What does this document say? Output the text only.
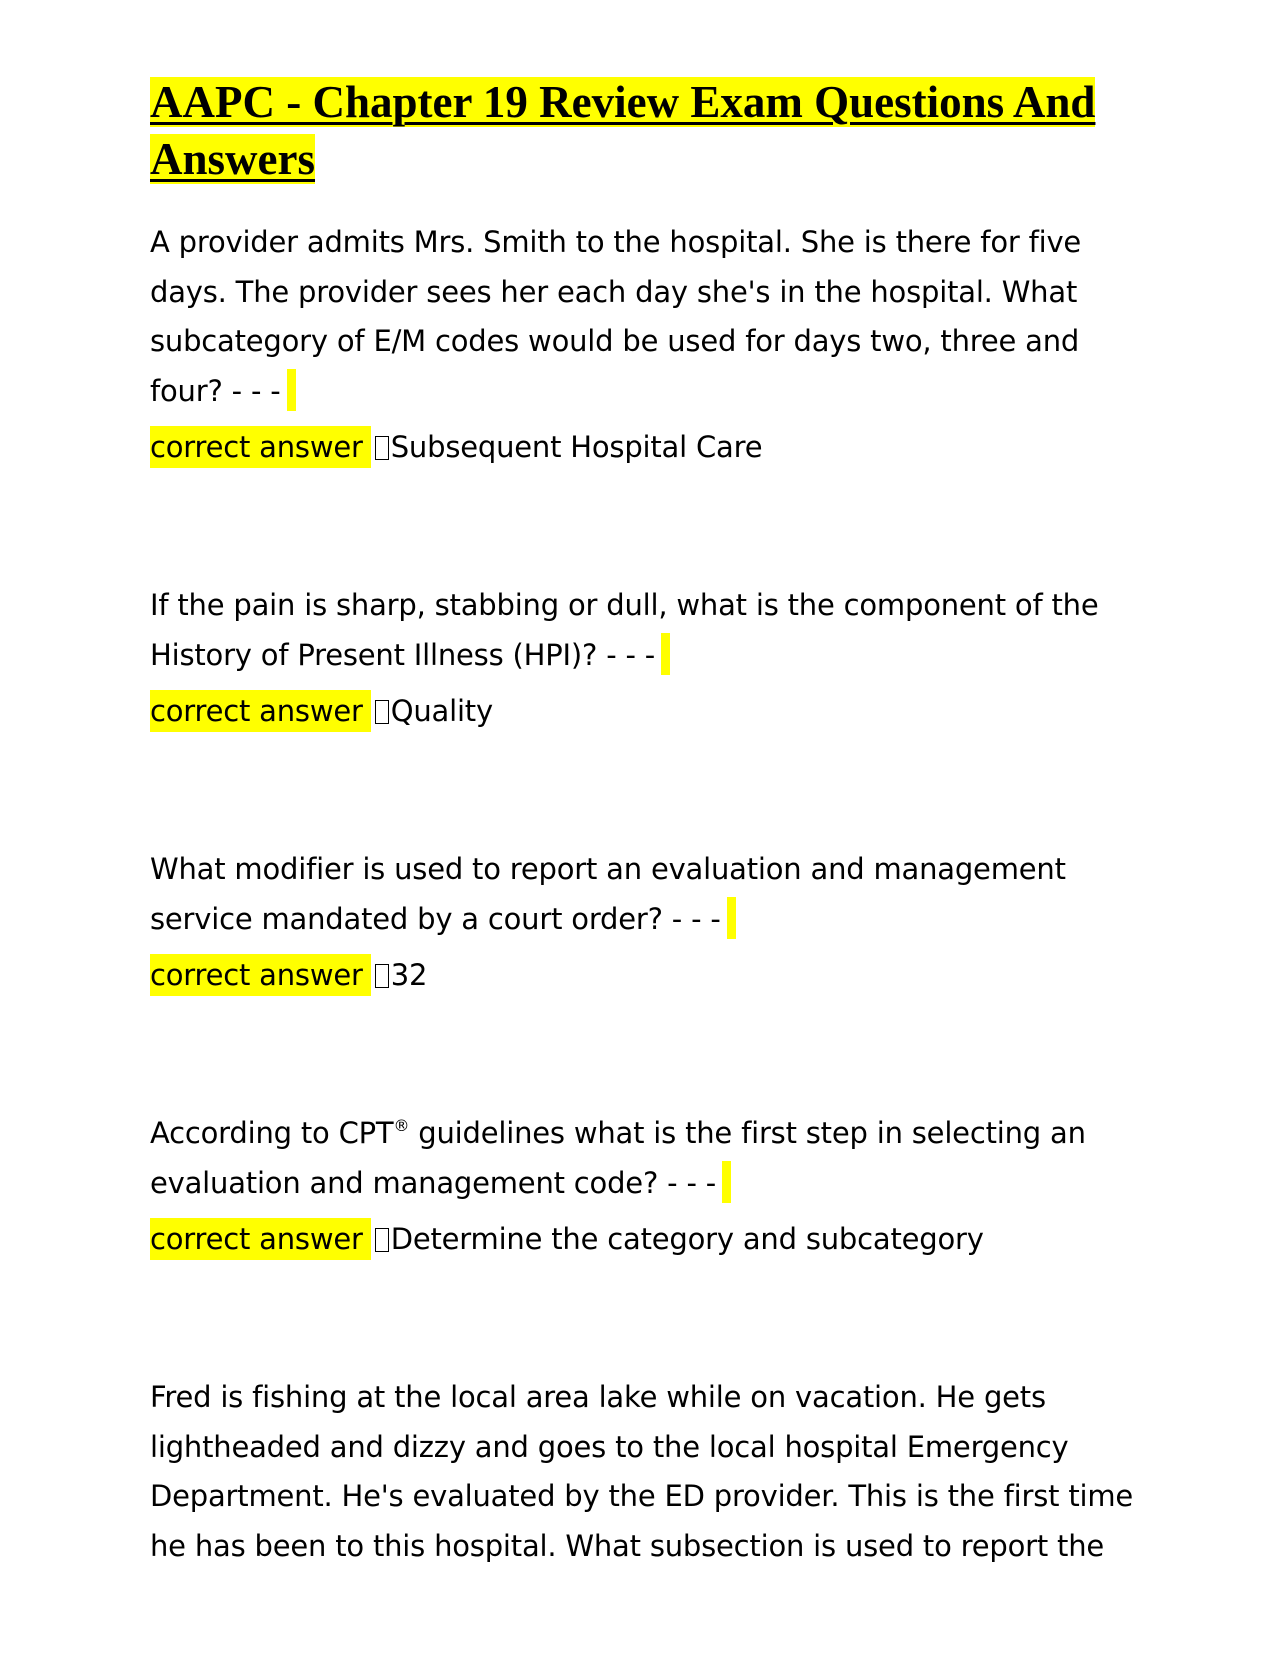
AAPC - Chapter 19 Review Exam Questions And Answers

A provider admits Mrs. Smith to the hospital. She is there for five days. The provider sees her each day she's in the hospital. What subcategory of E/M codes would be used for days two, three and four? - - -

correct answer Subsequent Hospital Care

If the pain is sharp, stabbing or dull, what is the component of the History of Present Illness (HPI)? - - -

correct answer Quality

What modifier is used to report an evaluation and management service mandated by a court order? - - -

correct answer 32

According to CPT® guidelines what is the first step in selecting an evaluation and management code? - - -

correct answer Determine the category and subcategory

Fred is fishing at the local area lake while on vacation. He gets lightheaded and dizzy and goes to the local hospital Emergency Department. He's evaluated by the ED provider. This is the first time he has been to this hospital. What subsection is used to report the
